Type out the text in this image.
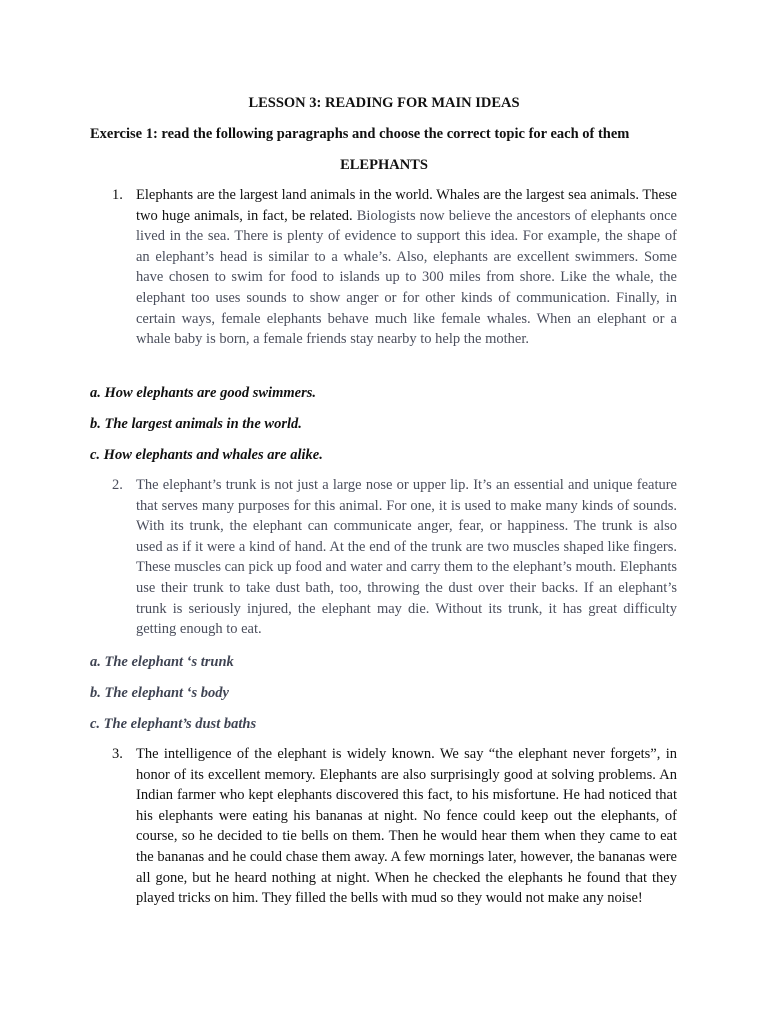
LESSON 3: READING FOR MAIN IDEAS
Exercise 1: read the following paragraphs and choose the correct topic for each of them
ELEPHANTS
1. Elephants are the largest land animals in the world. Whales are the largest sea animals. These two huge animals, in fact, be related. Biologists now believe the ancestors of elephants once lived in the sea. There is plenty of evidence to support this idea. For example, the shape of an elephant’s head is similar to a whale’s. Also, elephants are excellent swimmers. Some have chosen to swim for food to islands up to 300 miles from shore. Like the whale, the elephant too uses sounds to show anger or for other kinds of communication. Finally, in certain ways, female elephants behave much like female whales. When an elephant or a whale baby is born, a female friends stay nearby to help the mother.
a. How elephants are good swimmers.
b. The largest animals in the world.
c. How elephants and whales are alike.
2. The elephant’s trunk is not just a large nose or upper lip. It’s an essential and unique feature that serves many purposes for this animal. For one, it is used to make many kinds of sounds. With its trunk, the elephant can communicate anger, fear, or happiness. The trunk is also used as if it were a kind of hand. At the end of the trunk are two muscles shaped like fingers. These muscles can pick up food and water and carry them to the elephant’s mouth. Elephants use their trunk to take dust bath, too, throwing the dust over their backs. If an elephant’s trunk is seriously injured, the elephant may die. Without its trunk, it has great difficulty getting enough to eat.
a. The elephant ‘s trunk
b. The elephant ‘s body
c. The elephant’s dust baths
3. The intelligence of the elephant is widely known. We say “the elephant never forgets”, in honor of its excellent memory. Elephants are also surprisingly good at solving problems. An Indian farmer who kept elephants discovered this fact, to his misfortune. He had noticed that his elephants were eating his bananas at night. No fence could keep out the elephants, of course, so he decided to tie bells on them. Then he would hear them when they came to eat the bananas and he could chase them away. A few mornings later, however, the bananas were all gone, but he heard nothing at night. When he checked the elephants he found that they played tricks on him. They filled the bells with mud so they would not make any noise!
